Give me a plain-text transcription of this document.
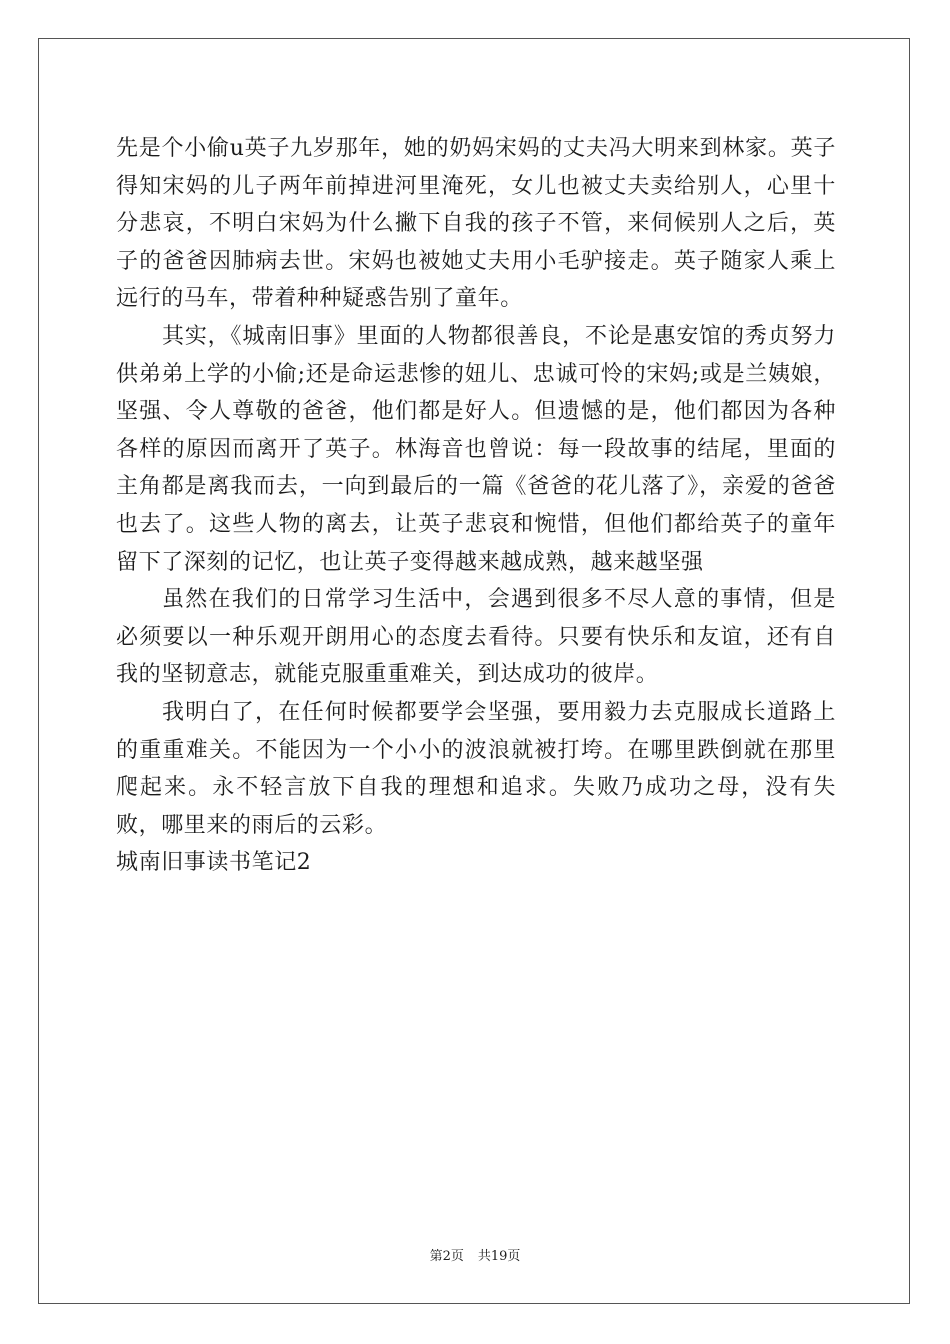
先是个小偷u英子九岁那年，她的奶妈宋妈的丈夫冯大明来到林家。英子得知宋妈的儿子两年前掉进河里淹死，女儿也被丈夫卖给别人，心里十分悲哀，不明白宋妈为什么撇下自我的孩子不管，来伺候别人之后，英子的爸爸因肺病去世。宋妈也被她丈夫用小毛驴接走。英子随家人乘上远行的马车，带着种种疑惑告别了童年。

其实，《城南旧事》里面的人物都很善良，不论是惠安馆的秀贞努力供弟弟上学的小偷;还是命运悲惨的妞儿、忠诚可怜的宋妈;或是兰姨娘，坚强、令人尊敬的爸爸，他们都是好人。但遗憾的是，他们都因为各种各样的原因而离开了英子。林海音也曾说：每一段故事的结尾，里面的主角都是离我而去，一向到最后的一篇《爸爸的花儿落了》，亲爱的爸爸也去了。这些人物的离去，让英子悲哀和惋惜，但他们都给英子的童年留下了深刻的记忆，也让英子变得越来越成熟，越来越坚强

虽然在我们的日常学习生活中，会遇到很多不尽人意的事情，但是必须要以一种乐观开朗用心的态度去看待。只要有快乐和友谊，还有自我的坚韧意志，就能克服重重难关，到达成功的彼岸。

我明白了，在任何时候都要学会坚强，要用毅力去克服成长道路上的重重难关。不能因为一个小小的波浪就被打垮。在哪里跌倒就在那里爬起来。永不轻言放下自我的理想和追求。失败乃成功之母，没有失败，哪里来的雨后的云彩。

城南旧事读书笔记2

第2页 共19页
